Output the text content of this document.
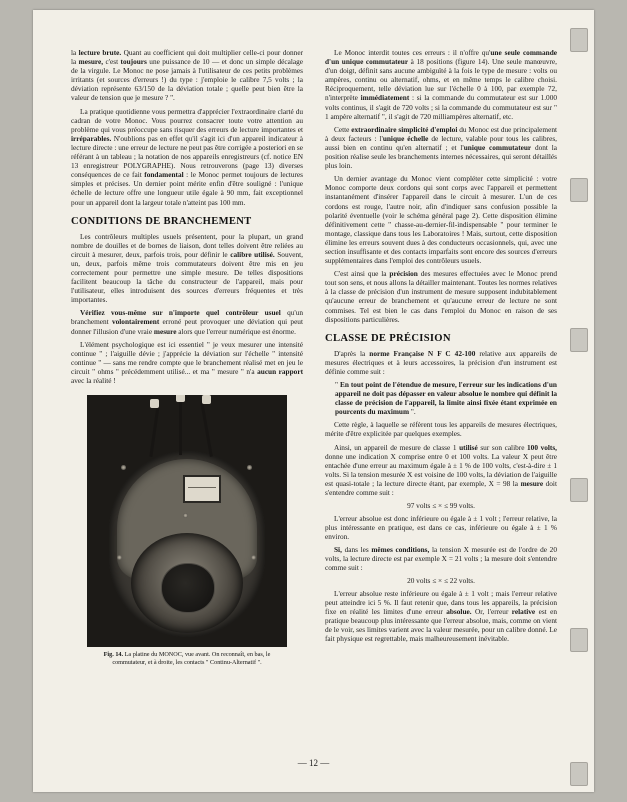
la lecture brute. Quant au coefficient qui doit multiplier celle-ci pour donner la mesure, c'est toujours une puissance de 10 — et donc un simple décalage de la virgule. Le Monoc ne pose jamais à l'utilisateur de ces petits problèmes irritants (et sources d'erreurs !) du type : j'emploie le calibre 7,5 volts ; la déviation représente 63/150 de la déviation totale ; quelle peut bien être la valeur de tension que je mesure ? ".

La pratique quotidienne vous permettra d'apprécier l'extraordinaire clarté du cadran de votre Monoc. Vous pourrez consacrer toute votre attention au problème qui vous préoccupe sans risquer des erreurs de lecture importantes et irréparables. N'oublions pas en effet qu'il s'agit ici d'un appareil indicateur à lecture directe : une erreur de lecture ne peut pas être corrigée a posteriori en se référant à un tableau ; la notation de nos appareils enregistreurs (cf. notice EN 13 enregistreur POLYGRAPHE). Nous retrouverons (page 13) diverses conséquences de ce fait fondamental : le Monoc permet toujours de lectures simples et précises. Un dernier point mérite enfin d'être souligné : l'unique échelle de lecture offre une longueur utile égale à 90 mm, fait exceptionnel pour un appareil dont la largeur totale n'atteint pas 100 mm.

CONDITIONS DE BRANCHEMENT

Les contrôleurs multiples usuels présentent, pour la plupart, un grand nombre de douilles et de bornes de liaison, dont telles doivent être reliées au circuit à mesurer, deux, parfois trois, pour définir le calibre utilisé. Souvent, un, deux, parfois même trois commutateurs doivent être mis en jeu correctement pour permettre une simple mesure. De telles dispositions facilitent beaucoup la tâche du constructeur de l'appareil, mais pour l'utilisateur, elles introduisent des sources d'erreurs fréquentes et très importantes.

Vérifiez vous-même sur n'importe quel contrôleur usuel qu'un branchement volontairement erroné peut provoquer une déviation qui peut donner l'illusion d'une vraie mesure alors que l'erreur numérique est énorme.

L'élément psychologique est ici essentiel " je veux mesurer une intensité continue " ; l'aiguille dévie ; j'apprécie la déviation sur l'échelle " intensité continue " — sans me rendre compte que le branchement réalisé met en jeu le circuit " ohms " précédemment utilisé... et ma " mesure " n'a aucun rapport avec la réalité !

Fig. 14. La platine du MONOC, vue avant. On reconnaît, en bas, le commutateur, et à droite, les contacts " Continu-Alternatif ".

Le Monoc interdit toutes ces erreurs : il n'offre qu'une seule commande d'un unique commutateur à 18 positions (figure 14). Une seule manœuvre, d'un doigt, définit sans aucune ambiguïté à la fois le type de mesure : volts ou ampères, continu ou alternatif, ohms, et en même temps le calibre choisi. Réciproquement, telle déviation lue sur l'échelle 0 à 100, par exemple 72, n'interprète immédiatement : si la commande du commutateur est sur 1.000 volts continus, il s'agit de 720 volts ; si la commande du commutateur est sur " 1 ampère alternatif ", il s'agit de 720 milliampères alternatif, etc.

Cette extraordinaire simplicité d'emploi du Monoc est due principalement à deux facteurs : l'unique échelle de lecture, valable pour tous les calibres, aussi bien en continu qu'en alternatif ; et l'unique commutateur dont la position réalise seule les branchements internes nécessaires, qui seront détaillés plus loin.

Un dernier avantage du Monoc vient compléter cette simplicité : votre Monoc comporte deux cordons qui sont corps avec l'appareil et permettent instantanément d'insérer l'appareil dans le circuit à mesurer. L'un de ces cordons est rouge, l'autre noir, afin d'indiquer sans confusion possible la polarité éventuelle (voir le schéma général page 2). Cette disposition élimine définitivement cette " chasse-au-dernier-fil-indispensable " pour terminer le montage, classique dans tous les Laboratoires ! Mais, surtout, cette disposition élimine les erreurs souvent dues à des conducteurs occasionnels, qui, avec une section insuffisante et des contacts imparfaits sont encore des sources d'erreurs supplémentaires dans l'emploi des contrôleurs usuels.

C'est ainsi que la précision des mesures effectuées avec le Monoc prend tout son sens, et nous allons la détailler maintenant. Toutes les normes relatives à la classe de précision d'un instrument de mesure supposent indubitablement qu'aucune erreur de branchement et qu'aucune erreur de lecture ne sont commises. Tel est bien le cas dans l'emploi du Monoc en raison de ses dispositions particulières.

CLASSE DE PRÉCISION

D'après la norme Française N F C 42-100 relative aux appareils de mesures électriques et à leurs accessoires, la précision d'un instrument est définie comme suit :

" En tout point de l'étendue de mesure, l'erreur sur les indications d'un appareil ne doit pas dépasser en valeur absolue le nombre qui définit la classe de précision de l'appareil, la limite ainsi fixée étant exprimée en pourcents du maximum ".

Cette règle, à laquelle se réfèrent tous les appareils de mesures électriques, mérite d'être explicitée par quelques exemples.

Ainsi, un appareil de mesure de classe 1 utilisé sur son calibre 100 volts, donne une indication X comprise entre 0 et 100 volts. La valeur X peut être entachée d'une erreur au maximum égale à ± 1 % de 100 volts, c'est-à-dire ± 1 volts. Si la tension mesurée X est voisine de 100 volts, la déviation de l'aiguille est quasi-totale ; la lecture directe étant, par exemple, X = 98 la mesure doit s'entendre comme suit :

97 volts ≤ × ≤ 99 volts.

L'erreur absolue est donc inférieure ou égale à ± 1 volt ; l'erreur relative, la plus intéressante en pratique, est dans ce cas, inférieure ou égale à ± 1 % environ.

Si, dans les mêmes conditions, la tension X mesurée est de l'ordre de 20 volts, la lecture directe est par exemple X = 21 volts ; la mesure doit s'entendre comme suit :

20 volts ≤ × ≤ 22 volts.

L'erreur absolue reste inférieure ou égale à ± 1 volt ; mais l'erreur relative peut atteindre ici 5 %. Il faut retenir que, dans tous les appareils, la précision fixe en réalité les limites d'une erreur absolue. Or, l'erreur relative est en pratique beaucoup plus intéressante que l'erreur absolue, mais, comme on vient de le voir, ses limites varient avec la valeur mesurée, pour un calibre donné. Le fait physique est regrettable, mais malheureusement inévitable.

— 12 —
